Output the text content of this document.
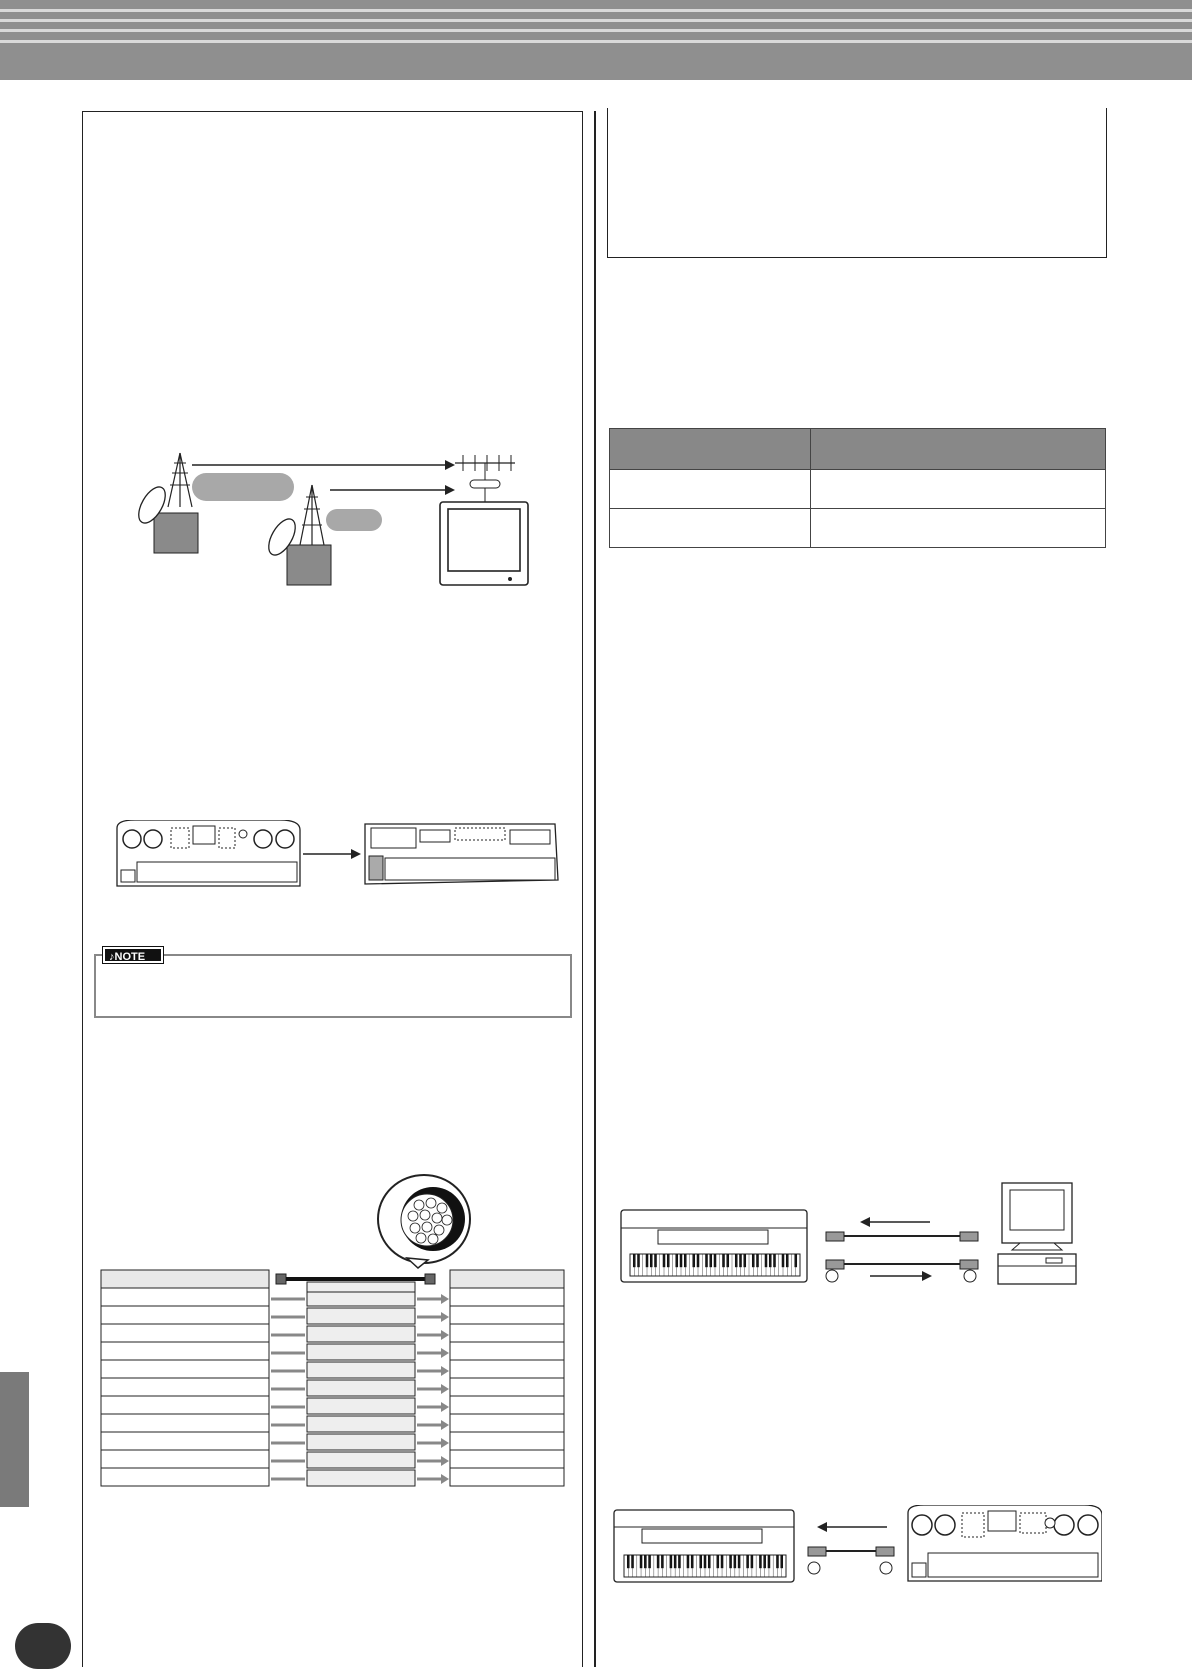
♪NOTE
